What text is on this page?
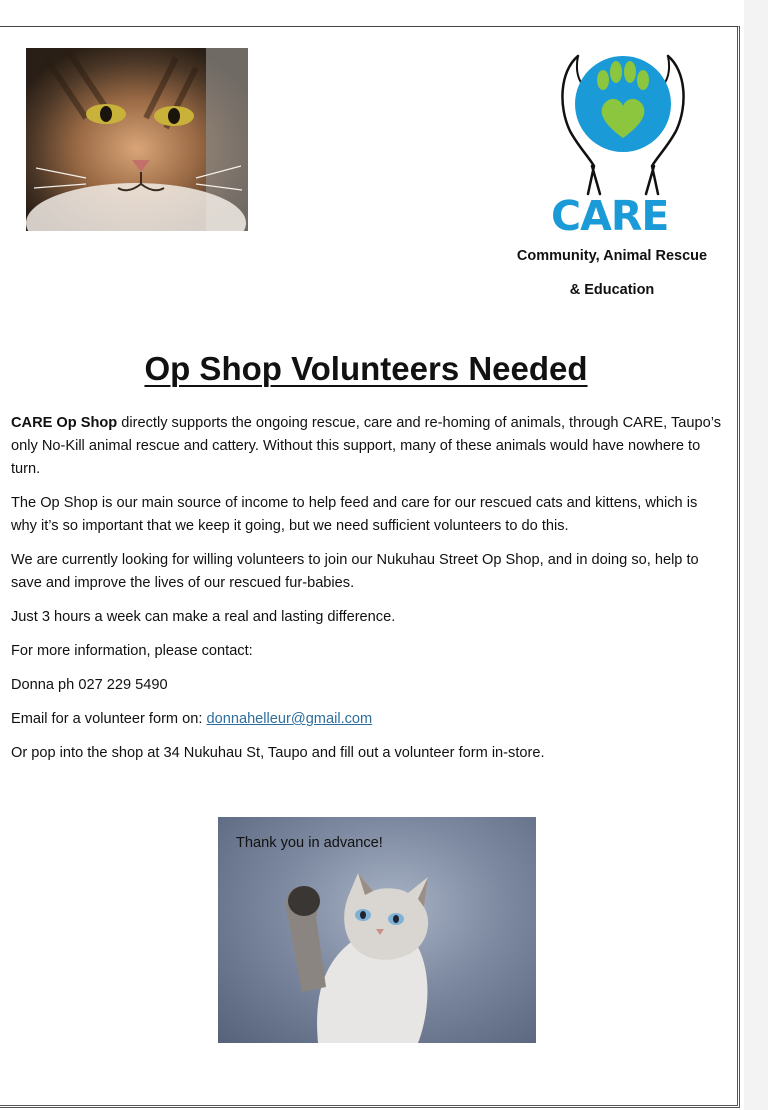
CARE
Community, Animal Rescue
& Education
Op Shop Volunteers Needed

CARE Op Shop directly supports the ongoing rescue, care and re-homing of animals, through CARE, Taupo’s only No-Kill animal rescue and cattery. Without this support, many of these animals would have nowhere to turn.

The Op Shop is our main source of income to help feed and care for our rescued cats and kittens, which is why it’s so important that we keep it going, but we need sufficient volunteers to do this.

We are currently looking for willing volunteers to join our Nukuhau Street Op Shop, and in doing so, help to save and improve the lives of our rescued fur-babies.

Just 3 hours a week can make a real and lasting difference.

For more information, please contact:

Donna ph 027 229 5490

Email for a volunteer form on: donnahelleur@gmail.com

Or pop into the shop at 34 Nukuhau St, Taupo and fill out a volunteer form in-store.

Thank you in advance!
